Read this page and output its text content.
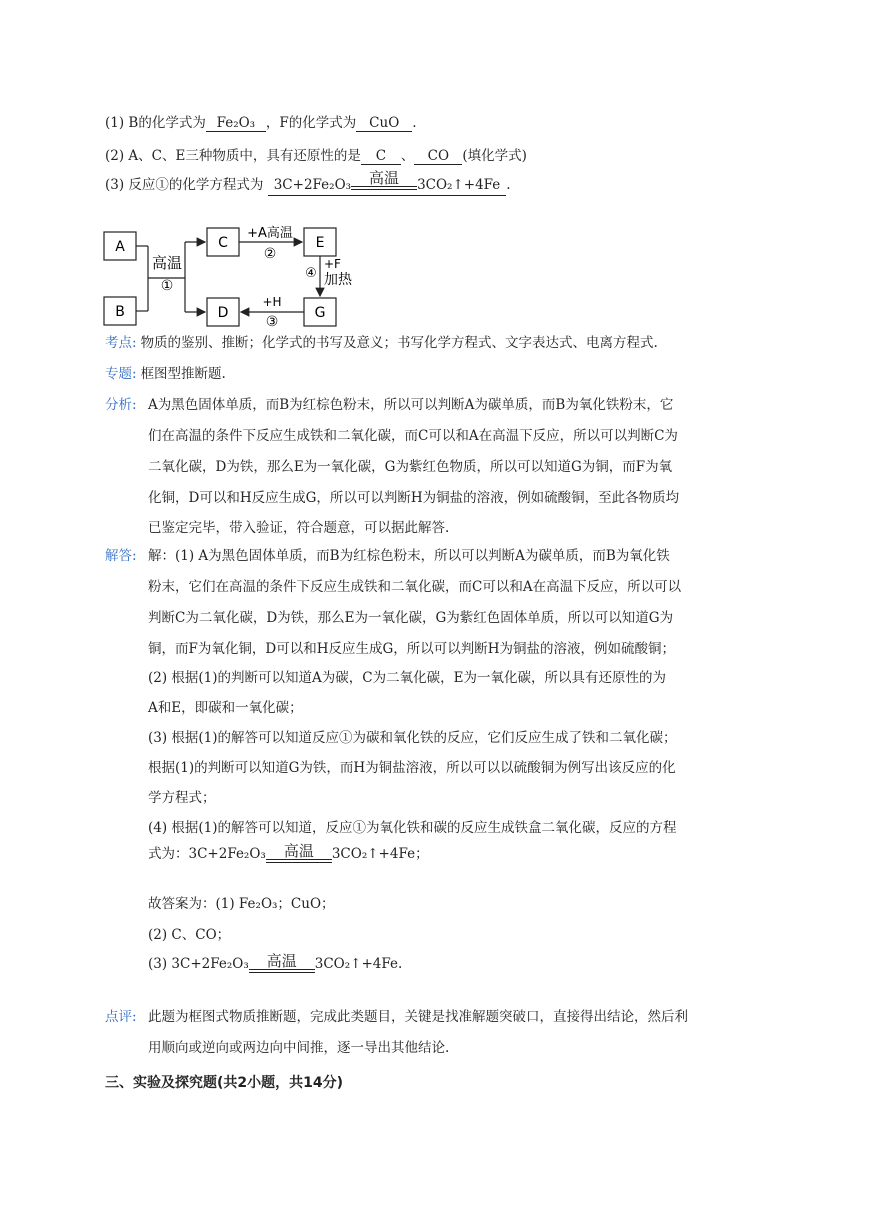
(1) B的化学式为 Fe₂O₃ ，F的化学式为 CuO .
(2) A、C、E三种物质中，具有还原性的是 C 、 CO (填化学式)
(3) 反应①的化学方程式为 3C+2Fe₂O₃	高温	3CO₂↑+4Fe .
A
B
C
D
E
G
高温
①
+A高温
②
④
+F
加热
+H
③
考点: 物质的鉴别、推断；化学式的书写及意义；书写化学方程式、文字表达式、电离方程式.
专题: 框图型推断题.
分析: A为黑色固体单质，而B为红棕色粉末，所以可以判断A为碳单质，而B为氧化铁粉末，它
们在高温的条件下反应生成铁和二氧化碳，而C可以和A在高温下反应，所以可以判断C为
二氧化碳，D为铁，那么E为一氧化碳，G为紫红色物质，所以可以知道G为铜，而F为氧
化铜，D可以和H反应生成G，所以可以判断H为铜盐的溶液，例如硫酸铜，至此各物质均
已鉴定完毕，带入验证，符合题意，可以据此解答.
解答: 解：(1) A为黑色固体单质，而B为红棕色粉末，所以可以判断A为碳单质，而B为氧化铁
粉末，它们在高温的条件下反应生成铁和二氧化碳，而C可以和A在高温下反应，所以可以
判断C为二氧化碳，D为铁，那么E为一氧化碳，G为紫红色固体单质，所以可以知道G为
铜，而F为氧化铜，D可以和H反应生成G，所以可以判断H为铜盐的溶液，例如硫酸铜；
(2) 根据(1)的判断可以知道A为碳，C为二氧化碳，E为一氧化碳，所以具有还原性的为
A和E，即碳和一氧化碳；
(3) 根据(1)的解答可以知道反应①为碳和氧化铁的反应，它们反应生成了铁和二氧化碳；
根据(1)的判断可以知道G为铁，而H为铜盐溶液，所以可以以硫酸铜为例写出该反应的化
学方程式；
(4) 根据(1)的解答可以知道，反应①为氧化铁和碳的反应生成铁盒二氧化碳，反应的方程
式为：3C+2Fe₂O₃	高温	3CO₂↑+4Fe；
故答案为：(1) Fe₂O₃；CuO；
(2) C、CO；
(3) 3C+2Fe₂O₃	高温	3CO₂↑+4Fe.
点评: 此题为框图式物质推断题，完成此类题目，关键是找准解题突破口，直接得出结论，然后利
用顺向或逆向或两边向中间推，逐一导出其他结论.
三、实验及探究题(共2小题，共14分)
